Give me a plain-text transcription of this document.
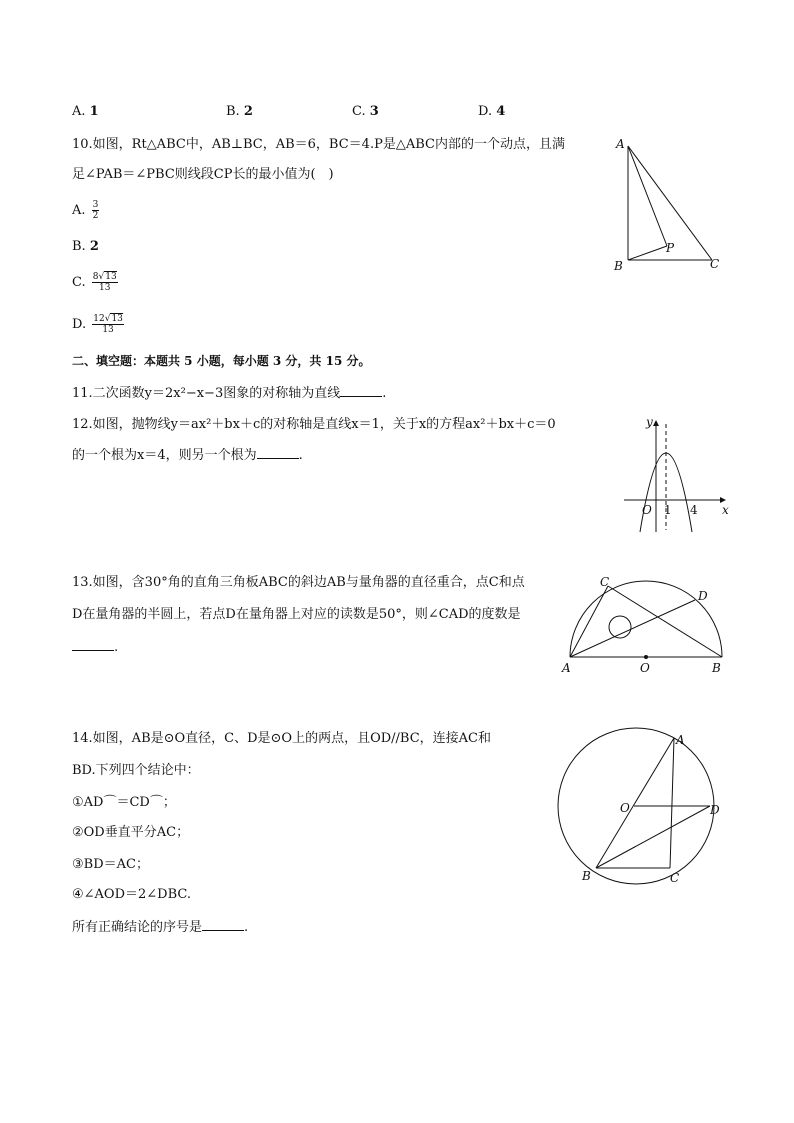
A. 1	B. 2	C. 3	D. 4
10.如图，Rt△ABC中，AB⊥BC，AB＝6，BC＝4.P是△ABC内部的一个动点，且满
足∠PAB＝∠PBC则线段CP长的最小值为(　)
A. $\frac{3}{2}$
B. 2
C. $\frac{8√13}{13}$
D. $\frac{12√13}{13}$
A
B	C
P
二、填空题：本题共 5 小题，每小题 3 分，共 15 分。
11.二次函数y＝2x²−x−3图象的对称轴为直线	.
12.如图，抛物线y＝ax²＋bx＋c的对称轴是直线x＝1，关于x的方程ax²＋bx＋c＝0
的一个根为x＝4，则另一个根为	.
y
x
O 1 4
13.如图，含30°角的直角三角板ABC的斜边AB与量角器的直径重合，点C和点
D在量角器的半圆上，若点D在量角器上对应的读数是50°，则∠CAD的度数是
.
A	B
C
D
O
14.如图，AB是⊙O直径，C、D是⊙O上的两点，且OD//BC，连接AC和
BD.下列四个结论中：
①AD⌒＝CD⌒；
②OD垂直平分AC；
③BD＝AC；
④∠AOD＝2∠DBC.
所有正确结论的序号是	.
A
B	C
D
O
